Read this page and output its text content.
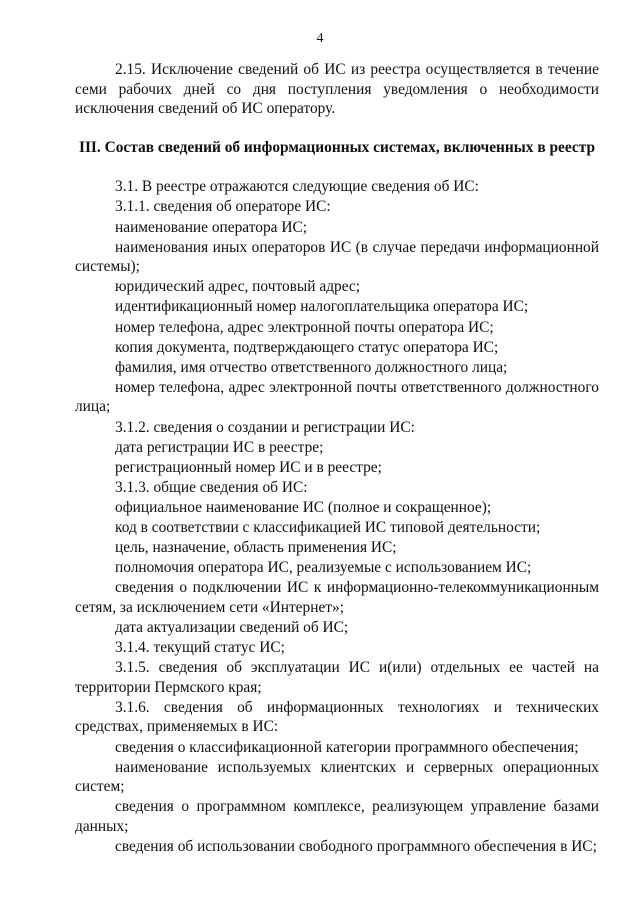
4

2.15. Исключение сведений об ИС из реестра осуществляется в течение семи рабочих дней со дня поступления уведомления о необходимости исключения сведений об ИС оператору.

III. Состав сведений об информационных системах, включенных в реестр
3.1. В реестре отражаются следующие сведения об ИС:
3.1.1. сведения об операторе ИС:
наименование оператора ИС;
наименования иных операторов ИС (в случае передачи информационной системы);
юридический адрес, почтовый адрес;
идентификационный номер налогоплательщика оператора ИС;
номер телефона, адрес электронной почты оператора ИС;
копия документа, подтверждающего статус оператора ИС;
фамилия, имя отчество ответственного должностного лица;
номер телефона, адрес электронной почты ответственного должностного лица;
3.1.2. сведения о создании и регистрации ИС:
дата регистрации ИС в реестре;
регистрационный номер ИС и в реестре;
3.1.3. общие сведения об ИС:
официальное наименование ИС (полное и сокращенное);
код в соответствии с классификацией ИС типовой деятельности;
цель, назначение, область применения ИС;
полномочия оператора ИС, реализуемые с использованием ИС;
сведения о подключении ИС к информационно-телекоммуникационным сетям, за исключением сети «Интернет»;
дата актуализации сведений об ИС;
3.1.4. текущий статус ИС;
3.1.5. сведения об эксплуатации ИС и(или) отдельных ее частей на территории Пермского края;
3.1.6. сведения об информационных технологиях и технических средствах, применяемых в ИС:
сведения о классификационной категории программного обеспечения;
наименование используемых клиентских и серверных операционных систем;
сведения о программном комплексе, реализующем управление базами данных;
сведения об использовании свободного программного обеспечения в ИС;
